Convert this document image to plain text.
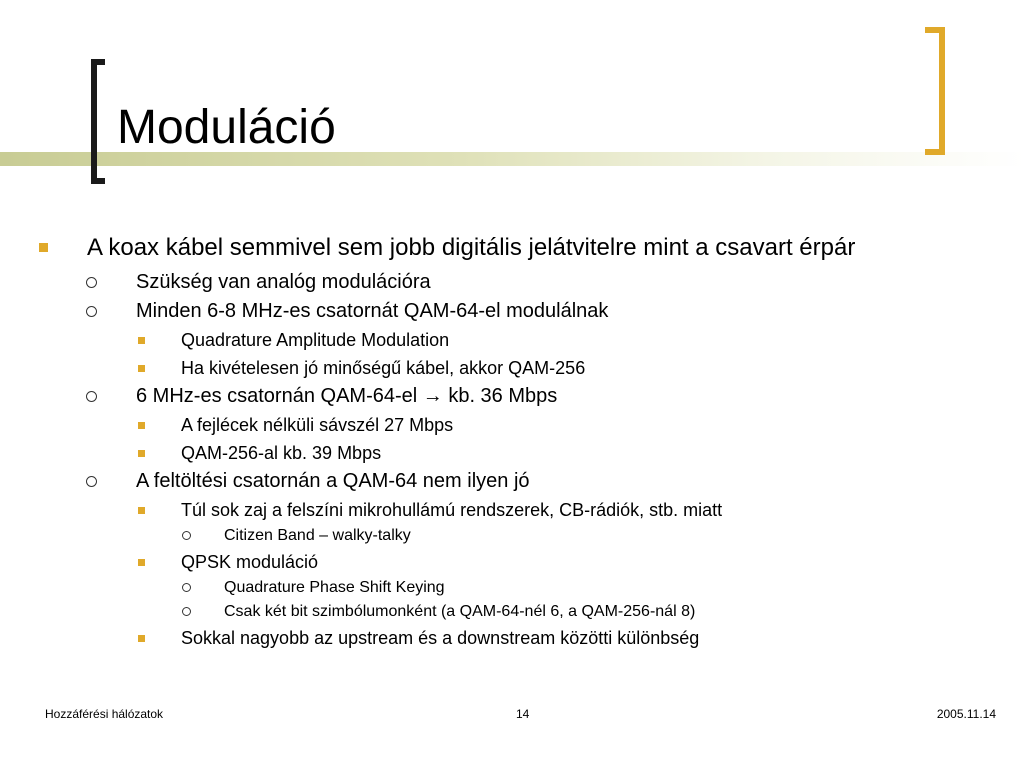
Moduláció
A koax kábel semmivel sem jobb digitális jelátvitelre mint a csavart érpár
Szükség van analóg modulációra
Minden 6-8 MHz-es csatornát QAM-64-el modulálnak
Quadrature Amplitude Modulation
Ha kivételesen jó minőségű kábel, akkor QAM-256
6 MHz-es csatornán QAM-64-el → kb. 36 Mbps
A fejlécek nélküli sávszél 27 Mbps
QAM-256-al kb. 39 Mbps
A feltöltési csatornán a QAM-64 nem ilyen jó
Túl sok zaj a felszíni mikrohullámú rendszerek, CB-rádiók, stb. miatt
Citizen Band – walky-talky
QPSK moduláció
Quadrature Phase Shift Keying
Csak két bit szimbólumonként (a QAM-64-nél 6, a QAM-256-nál 8)
Sokkal nagyobb az upstream és a downstream közötti különbség
Hozzáférési hálózatok	14	2005.11.14
